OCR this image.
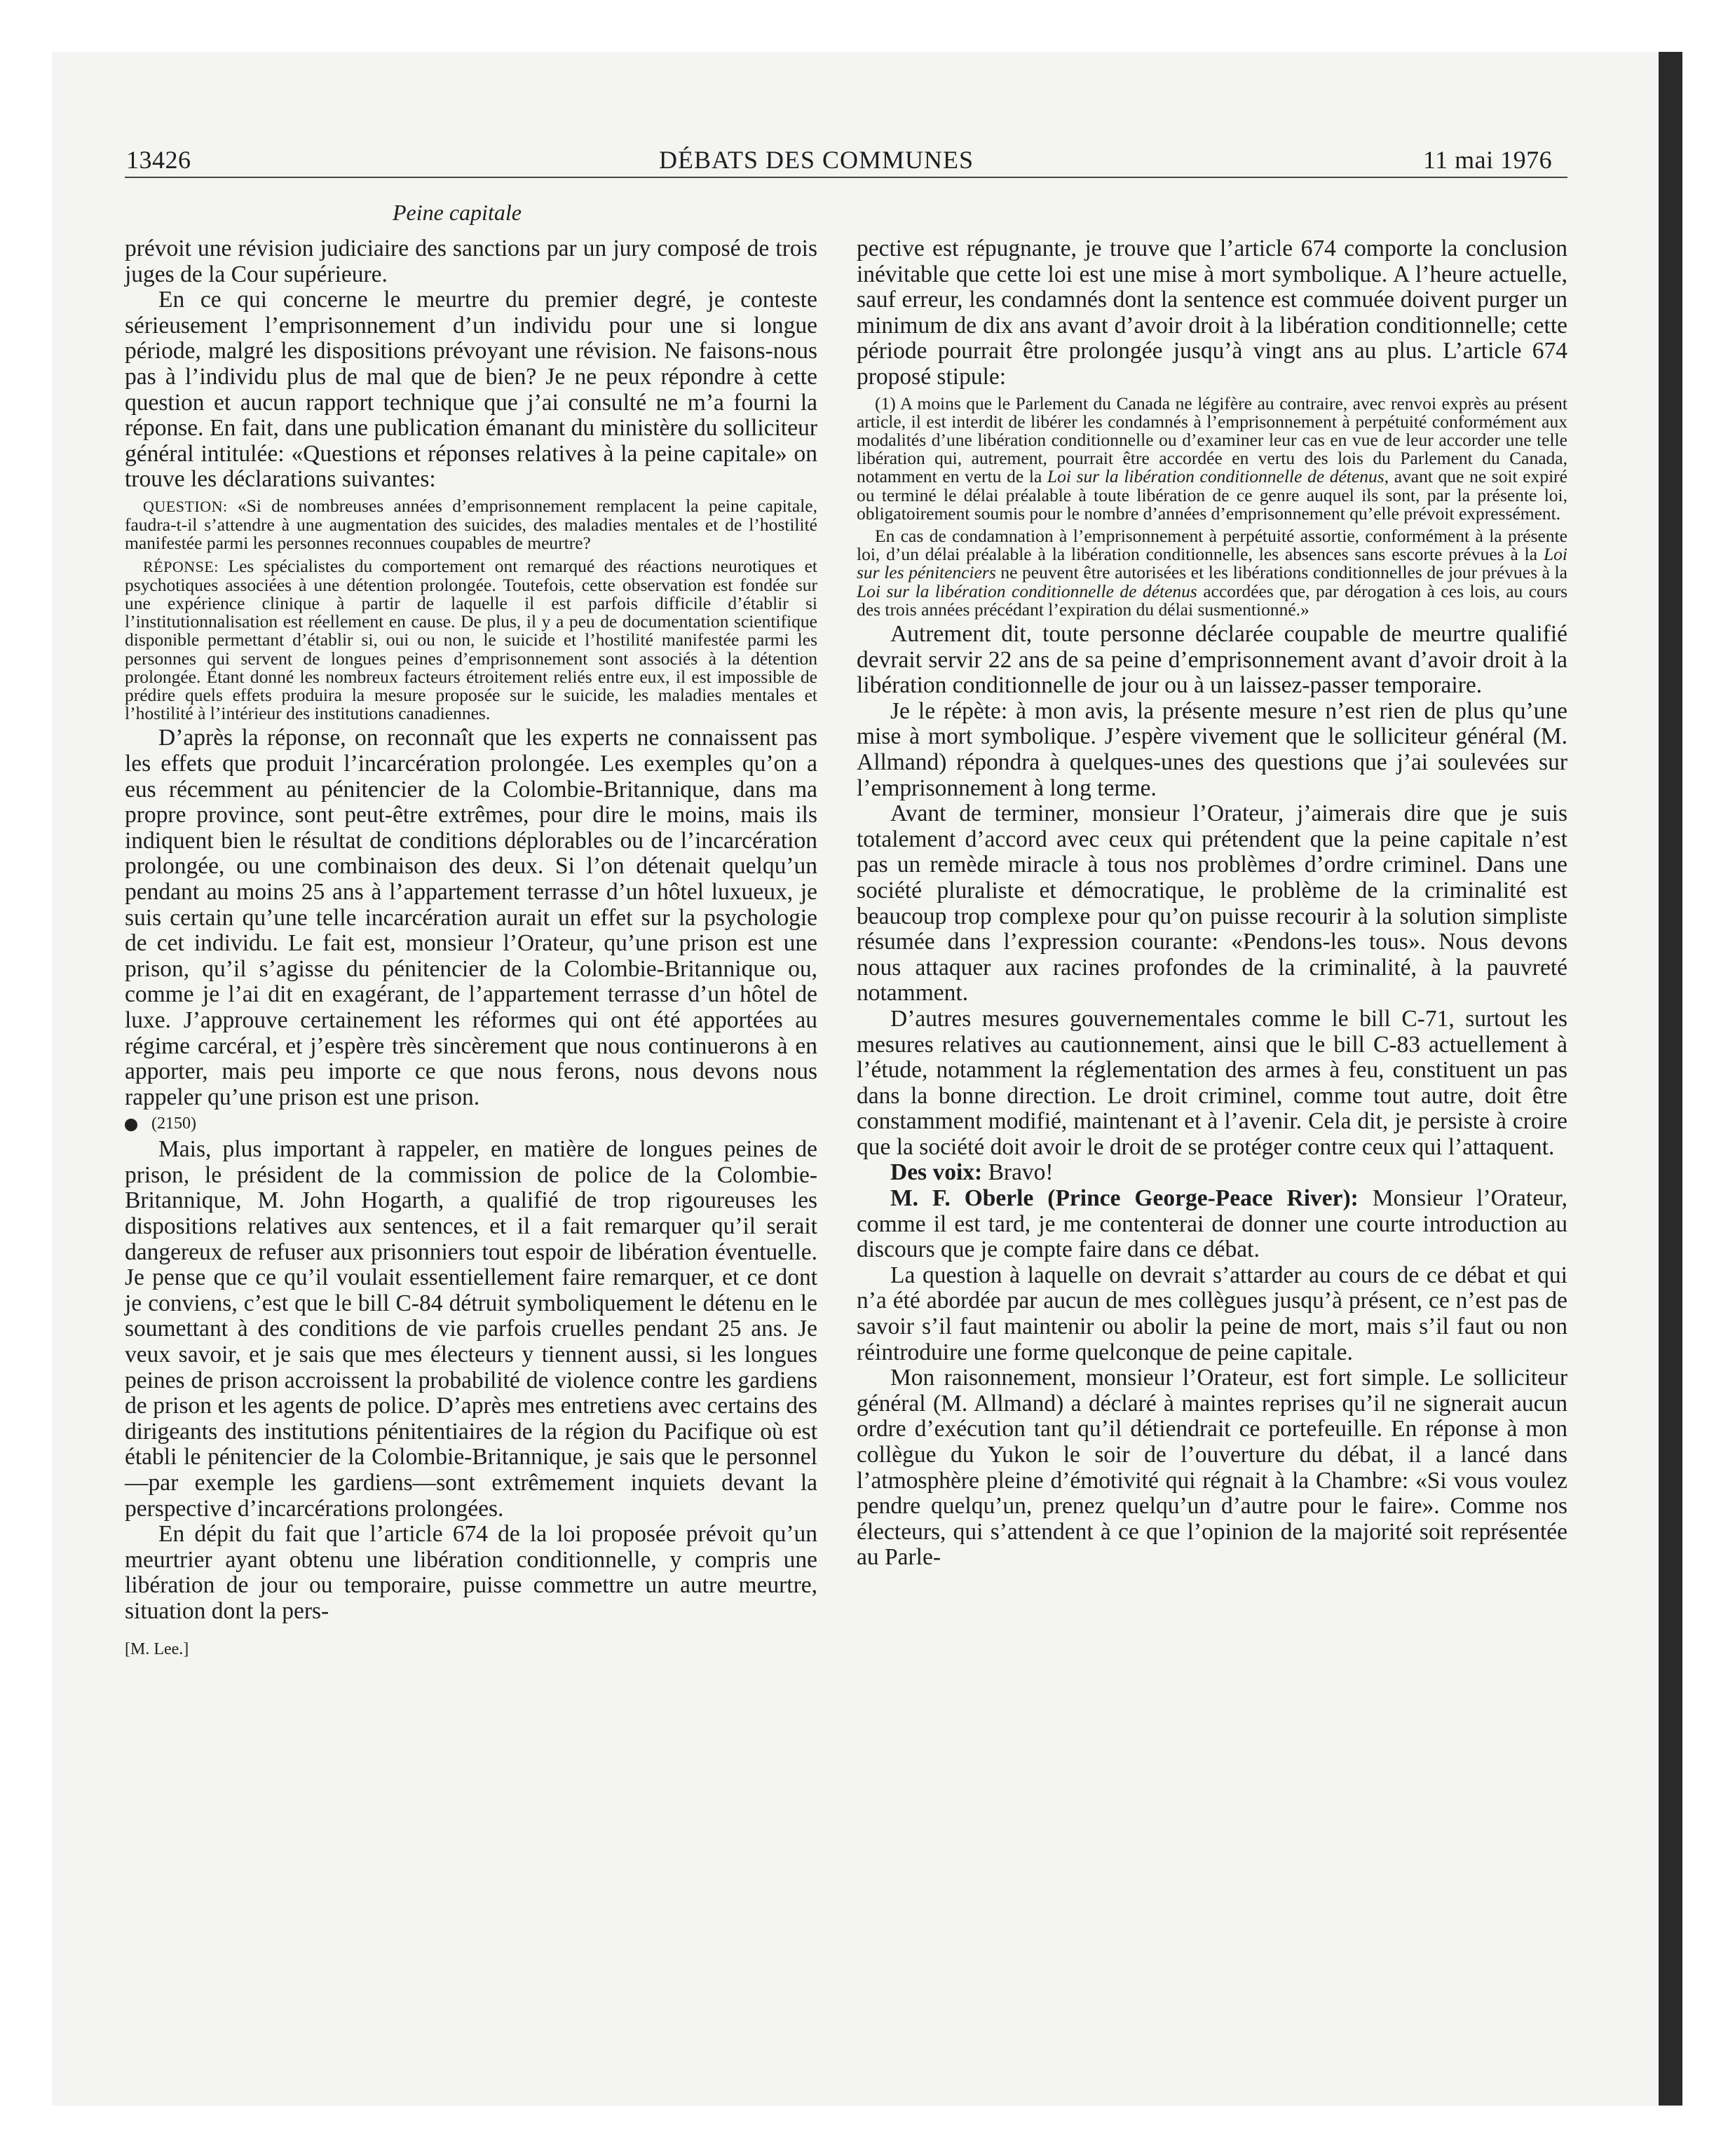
13426	DÉBATS DES COMMUNES	11 mai 1976
Peine capitale

prévoit une révision judiciaire des sanctions par un jury composé de trois juges de la Cour supérieure.

En ce qui concerne le meurtre du premier degré, je conteste sérieusement l’emprisonnement d’un individu pour une si longue période, malgré les dispositions prévoyant une révision. Ne faisons-nous pas à l’individu plus de mal que de bien? Je ne peux répondre à cette question et aucun rapport technique que j’ai consulté ne m’a fourni la réponse. En fait, dans une publication émanant du ministère du solliciteur général intitulée: «Questions et réponses relatives à la peine capitale» on trouve les déclarations suivantes:

QUESTION: «Si de nombreuses années d’emprisonnement remplacent la peine capitale, faudra-t-il s’attendre à une augmentation des suicides, des maladies mentales et de l’hostilité manifestée parmi les personnes reconnues coupables de meurtre?

RÉPONSE: Les spécialistes du comportement ont remarqué des réactions neurotiques et psychotiques associées à une détention prolongée. Toutefois, cette observation est fondée sur une expérience clinique à partir de laquelle il est parfois difficile d’établir si l’institutionnalisation est réellement en cause. De plus, il y a peu de documentation scientifique disponible permettant d’établir si, oui ou non, le suicide et l’hostilité manifestée parmi les personnes qui servent de longues peines d’emprisonnement sont associés à la détention prolongée. Étant donné les nombreux facteurs étroitement reliés entre eux, il est impossible de prédire quels effets produira la mesure proposée sur le suicide, les maladies mentales et l’hostilité à l’intérieur des institutions canadiennes.

D’après la réponse, on reconnaît que les experts ne connaissent pas les effets que produit l’incarcération prolongée. Les exemples qu’on a eus récemment au pénitencier de la Colombie-Britannique, dans ma propre province, sont peut-être extrêmes, pour dire le moins, mais ils indiquent bien le résultat de conditions déplorables ou de l’incarcération prolongée, ou une combinaison des deux. Si l’on détenait quelqu’un pendant au moins 25 ans à l’appartement terrasse d’un hôtel luxueux, je suis certain qu’une telle incarcération aurait un effet sur la psychologie de cet individu. Le fait est, monsieur l’Orateur, qu’une prison est une prison, qu’il s’agisse du pénitencier de la Colombie-Britannique ou, comme je l’ai dit en exagérant, de l’appartement terrasse d’un hôtel de luxe. J’approuve certainement les réformes qui ont été apportées au régime carcéral, et j’espère très sincèrement que nous continuerons à en apporter, mais peu importe ce que nous ferons, nous devons nous rappeler qu’une prison est une prison.

(2150)

Mais, plus important à rappeler, en matière de longues peines de prison, le président de la commission de police de la Colombie-Britannique, M. John Hogarth, a qualifié de trop rigoureuses les dispositions relatives aux sentences, et il a fait remarquer qu’il serait dangereux de refuser aux prisonniers tout espoir de libération éventuelle. Je pense que ce qu’il voulait essentiellement faire remarquer, et ce dont je conviens, c’est que le bill C-84 détruit symboliquement le détenu en le soumettant à des conditions de vie parfois cruelles pendant 25 ans. Je veux savoir, et je sais que mes électeurs y tiennent aussi, si les longues peines de prison accroissent la probabilité de violence contre les gardiens de prison et les agents de police. D’après mes entretiens avec certains des dirigeants des institutions pénitentiaires de la région du Pacifique où est établi le pénitencier de la Colombie-Britannique, je sais que le personnel—par exemple les gardiens—sont extrêmement inquiets devant la perspective d’incarcérations prolongées.

En dépit du fait que l’article 674 de la loi proposée prévoit qu’un meurtrier ayant obtenu une libération conditionnelle, y compris une libération de jour ou temporaire, puisse commettre un autre meurtre, situation dont la pers-

[M. Lee.]

pective est répugnante, je trouve que l’article 674 comporte la conclusion inévitable que cette loi est une mise à mort symbolique. A l’heure actuelle, sauf erreur, les condamnés dont la sentence est commuée doivent purger un minimum de dix ans avant d’avoir droit à la libération conditionnelle; cette période pourrait être prolongée jusqu’à vingt ans au plus. L’article 674 proposé stipule:

(1) A moins que le Parlement du Canada ne légifère au contraire, avec renvoi exprès au présent article, il est interdit de libérer les condamnés à l’emprisonnement à perpétuité conformément aux modalités d’une libération conditionnelle ou d’examiner leur cas en vue de leur accorder une telle libération qui, autrement, pourrait être accordée en vertu des lois du Parlement du Canada, notamment en vertu de la Loi sur la libération conditionnelle de détenus, avant que ne soit expiré ou terminé le délai préalable à toute libération de ce genre auquel ils sont, par la présente loi, obligatoirement soumis pour le nombre d’années d’emprisonnement qu’elle prévoit expressément.

En cas de condamnation à l’emprisonnement à perpétuité assortie, conformément à la présente loi, d’un délai préalable à la libération conditionnelle, les absences sans escorte prévues à la Loi sur les pénitenciers ne peuvent être autorisées et les libérations conditionnelles de jour prévues à la Loi sur la libération conditionnelle de détenus accordées que, par dérogation à ces lois, au cours des trois années précédant l’expiration du délai susmentionné.»

Autrement dit, toute personne déclarée coupable de meurtre qualifié devrait servir 22 ans de sa peine d’emprisonnement avant d’avoir droit à la libération conditionnelle de jour ou à un laissez-passer temporaire.

Je le répète: à mon avis, la présente mesure n’est rien de plus qu’une mise à mort symbolique. J’espère vivement que le solliciteur général (M. Allmand) répondra à quelques-unes des questions que j’ai soulevées sur l’emprisonnement à long terme.

Avant de terminer, monsieur l’Orateur, j’aimerais dire que je suis totalement d’accord avec ceux qui prétendent que la peine capitale n’est pas un remède miracle à tous nos problèmes d’ordre criminel. Dans une société pluraliste et démocratique, le problème de la criminalité est beaucoup trop complexe pour qu’on puisse recourir à la solution simpliste résumée dans l’expression courante: «Pendons-les tous». Nous devons nous attaquer aux racines profondes de la criminalité, à la pauvreté notamment.

D’autres mesures gouvernementales comme le bill C-71, surtout les mesures relatives au cautionnement, ainsi que le bill C-83 actuellement à l’étude, notamment la réglementation des armes à feu, constituent un pas dans la bonne direction. Le droit criminel, comme tout autre, doit être constamment modifié, maintenant et à l’avenir. Cela dit, je persiste à croire que la société doit avoir le droit de se protéger contre ceux qui l’attaquent.

Des voix: Bravo!

M. F. Oberle (Prince George-Peace River): Monsieur l’Orateur, comme il est tard, je me contenterai de donner une courte introduction au discours que je compte faire dans ce débat.

La question à laquelle on devrait s’attarder au cours de ce débat et qui n’a été abordée par aucun de mes collègues jusqu’à présent, ce n’est pas de savoir s’il faut maintenir ou abolir la peine de mort, mais s’il faut ou non réintroduire une forme quelconque de peine capitale.

Mon raisonnement, monsieur l’Orateur, est fort simple. Le solliciteur général (M. Allmand) a déclaré à maintes reprises qu’il ne signerait aucun ordre d’exécution tant qu’il détiendrait ce portefeuille. En réponse à mon collègue du Yukon le soir de l’ouverture du débat, il a lancé dans l’atmosphère pleine d’émotivité qui régnait à la Chambre: «Si vous voulez pendre quelqu’un, prenez quelqu’un d’autre pour le faire». Comme nos électeurs, qui s’attendent à ce que l’opinion de la majorité soit représentée au Parle-
